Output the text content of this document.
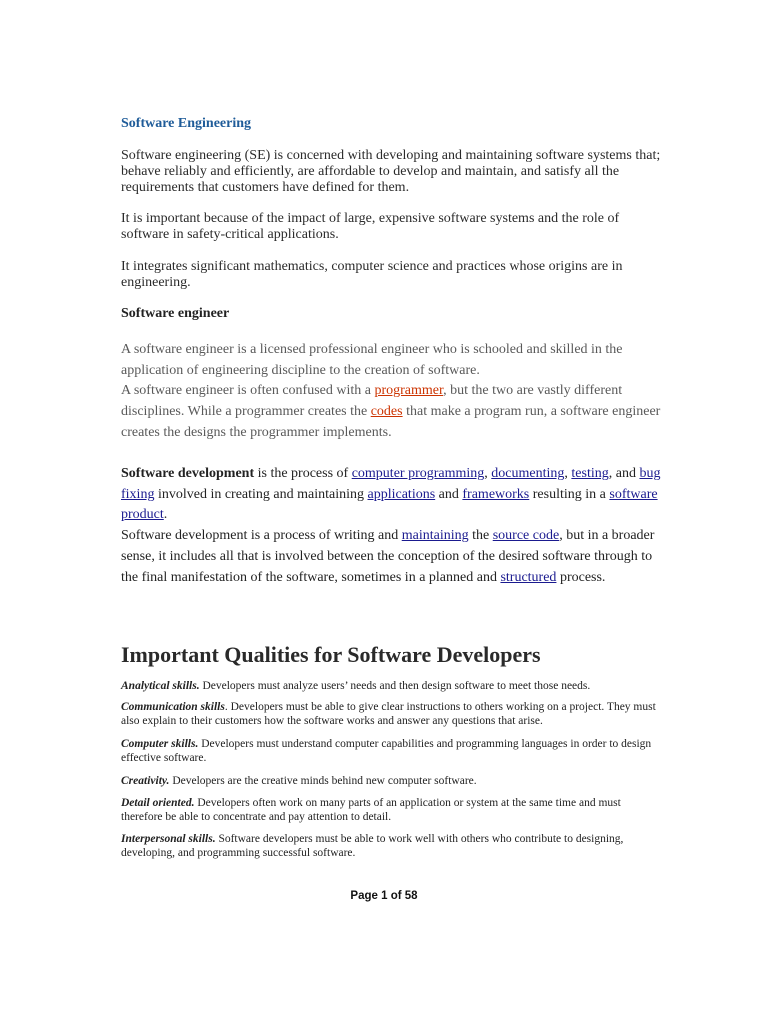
Software Engineering

Software engineering (SE) is concerned with developing and maintaining software systems that; behave reliably and efficiently, are affordable to develop and maintain, and satisfy all the requirements that customers have defined for them.

It is important because of the impact of large, expensive software systems and the role of software in safety-critical applications.

It integrates significant mathematics, computer science and practices whose origins are in engineering.

Software engineer

A software engineer is a licensed professional engineer who is schooled and skilled in the application of engineering discipline to the creation of software.
A software engineer is often confused with a programmer, but the two are vastly different disciplines. While a programmer creates the codes that make a program run, a software engineer creates the designs the programmer implements.

Software development is the process of computer programming, documenting, testing, and bug fixing involved in creating and maintaining applications and frameworks resulting in a software product.
Software development is a process of writing and maintaining the source code, but in a broader sense, it includes all that is involved between the conception of the desired software through to the final manifestation of the software, sometimes in a planned and structured process.

Important Qualities for Software Developers

Analytical skills. Developers must analyze users’ needs and then design software to meet those needs.

Communication skills. Developers must be able to give clear instructions to others working on a project. They must also explain to their customers how the software works and answer any questions that arise.

Computer skills. Developers must understand computer capabilities and programming languages in order to design effective software.

Creativity. Developers are the creative minds behind new computer software.

Detail oriented. Developers often work on many parts of an application or system at the same time and must therefore be able to concentrate and pay attention to detail.

Interpersonal skills. Software developers must be able to work well with others who contribute to designing, developing, and programming successful software.

Page 1 of 58
